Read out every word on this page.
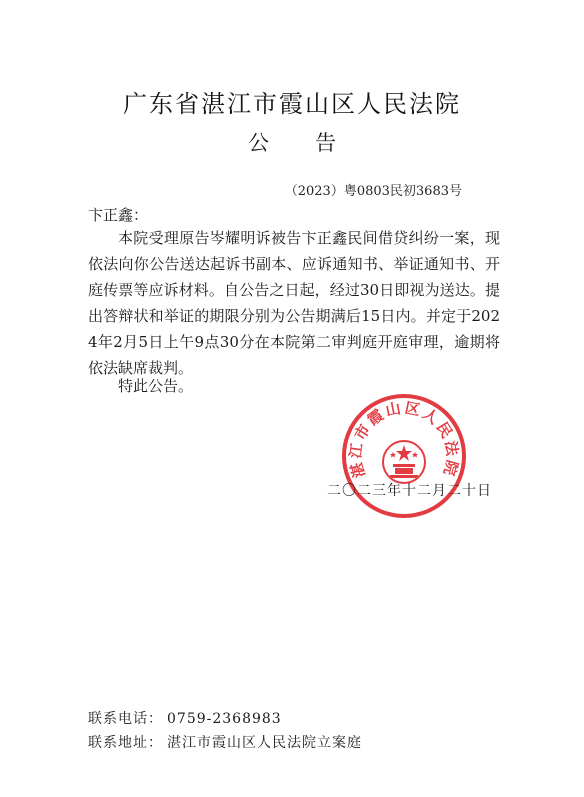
广东省湛江市霞山区人民法院
公告
（2023）粤0803民初3683号
卞正鑫：
本院受理原告岑耀明诉被告卞正鑫民间借贷纠纷一案，现依法向你公告送达起诉书副本、应诉通知书、举证通知书、开庭传票等应诉材料。自公告之日起，经过30日即视为送达。提出答辩状和举证的期限分别为公告期满后15日内。并定于2024年2月5日上午9点30分在本院第二审判庭开庭审理，逾期将依法缺席裁判。
特此公告。
湛江市霞山区人民法院
二〇二三年十二月二十日
联系电话： 0759-2368983
联系地址： 湛江市霞山区人民法院立案庭
